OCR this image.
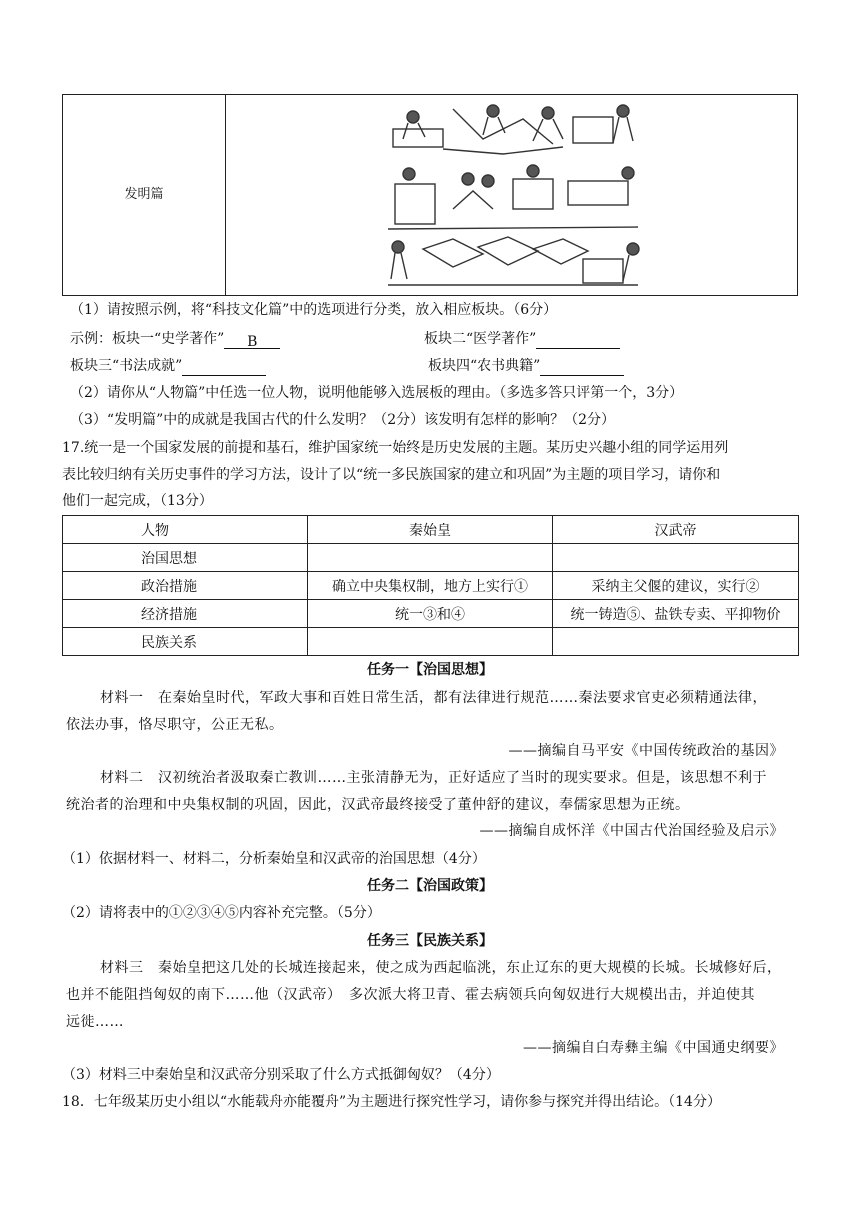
发明篇
（1）请按照示例，将“科技文化篇”中的选项进行分类，放入相应板块。（6分）
示例：板块一“史学著作” B	板块二“医学著作”
板块三“书法成就”	板块四“农书典籍”
（2）请你从“人物篇”中任选一位人物，说明他能够入选展板的理由。（多选多答只评第一个，3分）
（3）“发明篇”中的成就是我国古代的什么发明？（2分）该发明有怎样的影响？（2分）
17.统一是一个国家发展的前提和基石，维护国家统一始终是历史发展的主题。某历史兴趣小组的同学运用列
表比较归纳有关历史事件的学习方法，设计了以“统一多民族国家的建立和巩固”为主题的项目学习，请你和
他们一起完成，（13分）
人物	秦始皇	汉武帝
治国思想		
政治措施	确立中央集权制，地方上实行①	采纳主父偃的建议，实行②
经济措施	统一③和④	统一铸造⑤、盐铁专卖、平抑物价
民族关系		
任务一【治国思想】
材料一　在秦始皇时代，军政大事和百姓日常生活，都有法律进行规范……秦法要求官吏必须精通法律，
依法办事，恪尽职守，公正无私。
——摘编自马平安《中国传统政治的基因》
材料二　汉初统治者汲取秦亡教训……主张清静无为，正好适应了当时的现实要求。但是，该思想不利于
统治者的治理和中央集权制的巩固，因此，汉武帝最终接受了董仲舒的建议，奉儒家思想为正统。
——摘编自成怀洋《中国古代治国经验及启示》
（1）依据材料一、材料二，分析秦始皇和汉武帝的治国思想（4分）
任务二【治国政策】
（2）请将表中的①②③④⑤内容补充完整。（5分）
任务三【民族关系】
材料三　秦始皇把这几处的长城连接起来，使之成为西起临洮，东止辽东的更大规模的长城。长城修好后，
也并不能阻挡匈奴的南下……他（汉武帝）　多次派大将卫青、霍去病领兵向匈奴进行大规模出击，并迫使其
远徙……
——摘编自白寿彝主编《中国通史纲要》
（3）材料三中秦始皇和汉武帝分别采取了什么方式抵御匈奴？（4分）
18．七年级某历史小组以“水能载舟亦能覆舟”为主题进行探究性学习，请你参与探究并得出结论。（14分）
